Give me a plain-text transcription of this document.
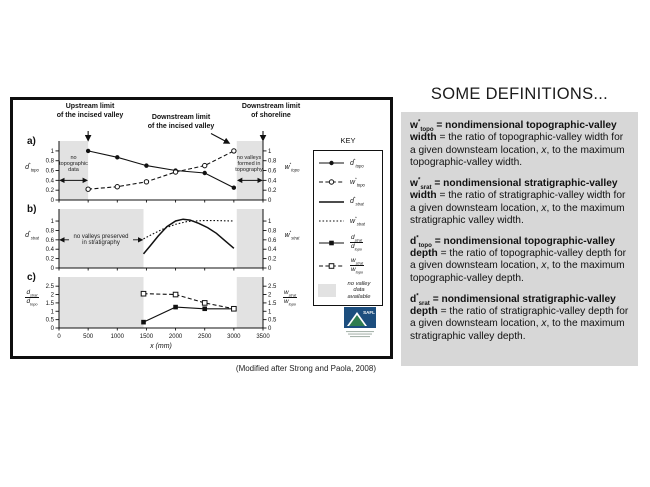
0	0
0.2	0.2
0.4	0.4
0.6	0.6
0.8	0.8
1	1
0	0
0.2	0.2
0.4	0.4
0.6	0.6
0.8	0.8
1	1
0	0
0.5	0.5
1	1
1.5	1.5
2	2
2.5	2.5
0	500	1000	1500	2000	2500	3000	3500
x (mm)
KEY
$d^*_{topo}$
$w^*_{topo}$
$d^*_{strat}$
$w^*_{strat}$
$d_{strat}$
$d_{topo}$
$w_{strat}$
$w_{topo}$
no valley
data
available
SAFL
no
topographic
data
no valleys
formed in
topography
a)
$d^*_{topo}$	$w^*_{topo}$
no valleys preserved
in stratigraphy
b)
$d^*_{strat}$	$w^*_{strat}$
c)
$d_{strat}$
$d_{topo}$
$w_{strat}$
$w_{topo}$
Upstream limit
of the incised valley	Downstream limit
of the incised valley
Downstream limit
of shoreline
(Modified after Strong and Paola, 2008)
SOME DEFINITIONS...

$w^*_{topo}$ = nondimensional topographic-valley width = the ratio of topographic-valley width for a given downsteam location, x, to the maximum topographic-valley width.

$w^*_{srat}$ = nondimensional stratigraphic-valley width = the ratio of stratigraphic-valley width for a given downsteam location, x, to the maximum stratigraphic valley width.

$d^*_{topo}$ = nondimensional topographic-valley depth = the ratio of topographic-valley depth for a given downsteam location, x, to the maximum topographic-valley depth.

$d^*_{srat}$ = nondimensional stratigraphic-valley depth = the ratio of stratigraphic-valley depth for a given downsteam location, x, to the maximum stratigraphic valley depth.
